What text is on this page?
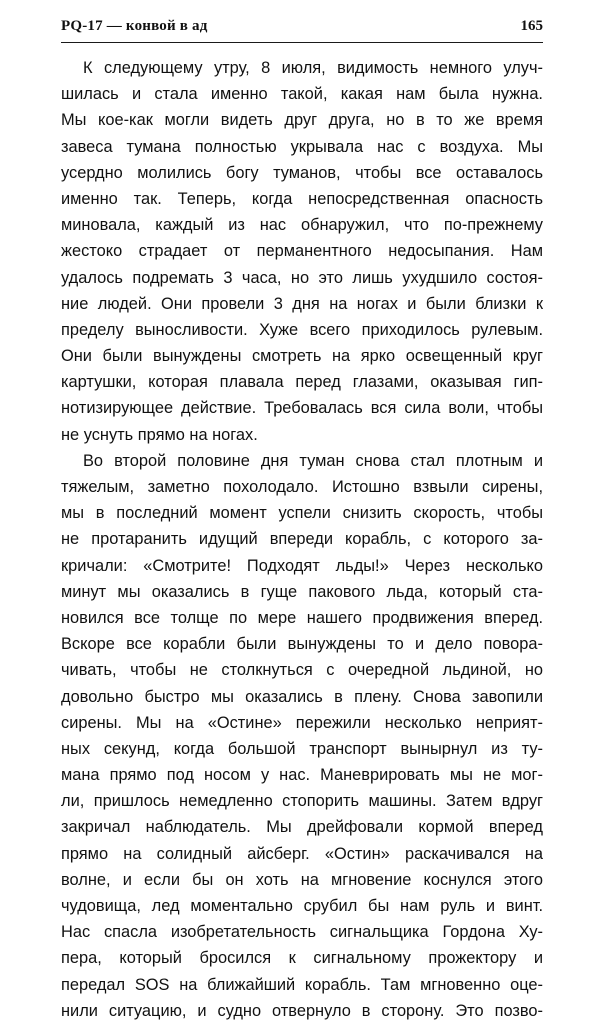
PQ-17 — конвой в ад	165
К следующему утру, 8 июля, видимость немного улуч-
шилась и стала именно такой, какая нам была нужна.
Мы кое-как могли видеть друг друга, но в то же время
завеса тумана полностью укрывала нас с воздуха. Мы
усердно молились богу туманов, чтобы все оставалось
именно так. Теперь, когда непосредственная опасность
миновала, каждый из нас обнаружил, что по-прежнему
жестоко страдает от перманентного недосыпания. Нам
удалось подремать 3 часа, но это лишь ухудшило состоя-
ние людей. Они провели 3 дня на ногах и были близки к
пределу выносливости. Хуже всего приходилось рулевым.
Они были вынуждены смотреть на ярко освещенный круг
картушки, которая плавала перед глазами, оказывая гип-
нотизирующее действие. Требовалась вся сила воли, чтобы
не уснуть прямо на ногах.
Во второй половине дня туман снова стал плотным и
тяжелым, заметно похолодало. Истошно взвыли сирены,
мы в последний момент успели снизить скорость, чтобы
не протаранить идущий впереди корабль, с которого за-
кричали: «Смотрите! Подходят льды!» Через несколько
минут мы оказались в гуще пакового льда, который ста-
новился все толще по мере нашего продвижения вперед.
Вскоре все корабли были вынуждены то и дело повора-
чивать, чтобы не столкнуться с очередной льдиной, но
довольно быстро мы оказались в плену. Снова завопили
сирены. Мы на «Остине» пережили несколько неприят-
ных секунд, когда большой транспорт вынырнул из ту-
мана прямо под носом у нас. Маневрировать мы не мог-
ли, пришлось немедленно стопорить машины. Затем вдруг
закричал наблюдатель. Мы дрейфовали кормой вперед
прямо на солидный айсберг. «Остин» раскачивался на
волне, и если бы он хоть на мгновение коснулся этого
чудовища, лед моментально срубил бы нам руль и винт.
Нас спасла изобретательность сигнальщика Гордона Ху-
пера, который бросился к сигнальному прожектору и
передал SOS на ближайший корабль. Там мгновенно оце-
нили ситуацию, и судно отвернуло в сторону. Это позво-
